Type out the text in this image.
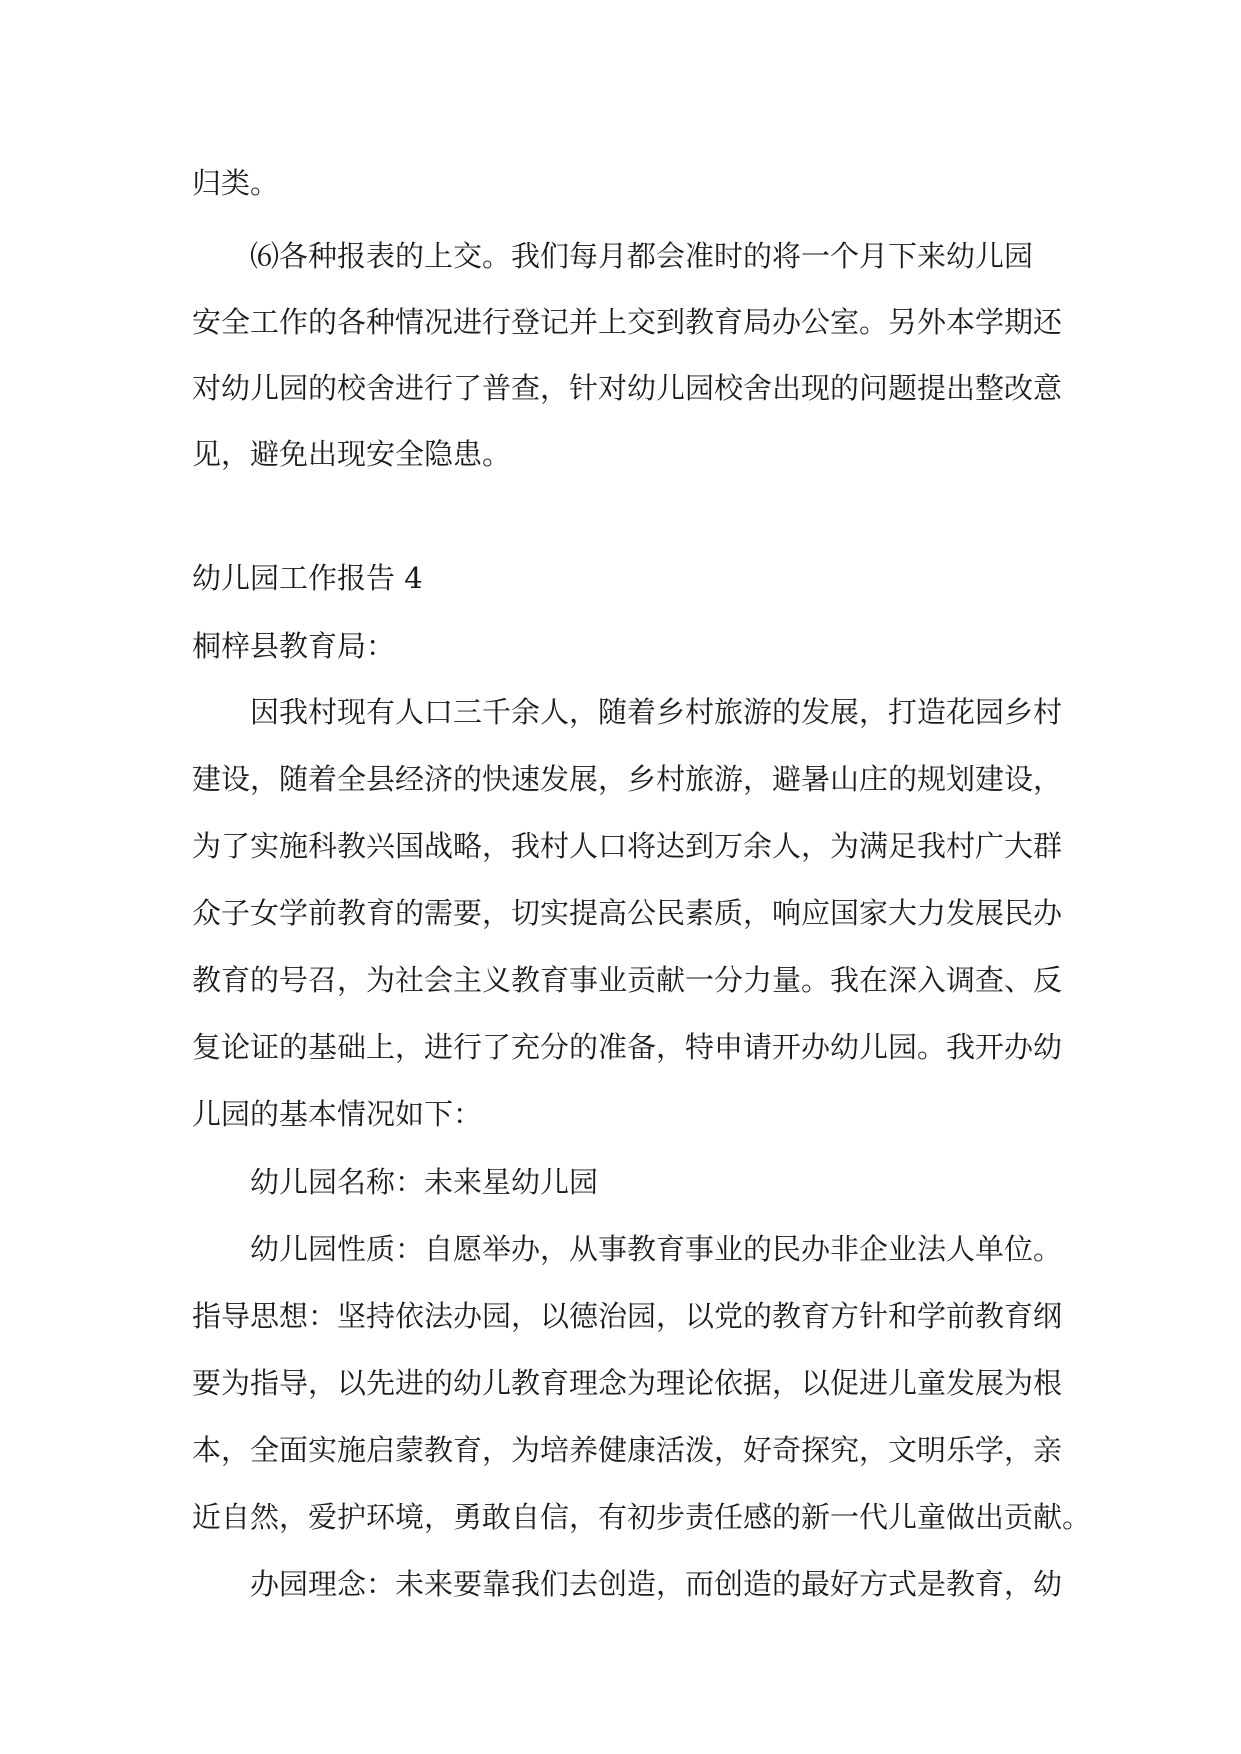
归类。
⑹各种报表的上交。我们每月都会准时的将一个月下来幼儿园
安全工作的各种情况进行登记并上交到教育局办公室。另外本学期还
对幼儿园的校舍进行了普查，针对幼儿园校舍出现的问题提出整改意
见，避免出现安全隐患。
幼儿园工作报告 4
桐梓县教育局：
因我村现有人口三千余人，随着乡村旅游的发展，打造花园乡村
建设，随着全县经济的快速发展，乡村旅游，避暑山庄的规划建设，
为了实施科教兴国战略，我村人口将达到万余人，为满足我村广大群
众子女学前教育的需要，切实提高公民素质，响应国家大力发展民办
教育的号召，为社会主义教育事业贡献一分力量。我在深入调查、反
复论证的基础上，进行了充分的准备，特申请开办幼儿园。我开办幼
儿园的基本情况如下：
幼儿园名称：未来星幼儿园
幼儿园性质：自愿举办，从事教育事业的民办非企业法人单位。
指导思想：坚持依法办园，以德治园，以党的教育方针和学前教育纲
要为指导，以先进的幼儿教育理念为理论依据，以促进儿童发展为根
本，全面实施启蒙教育，为培养健康活泼，好奇探究，文明乐学，亲
近自然，爱护环境，勇敢自信，有初步责任感的新一代儿童做出贡献。
办园理念：未来要靠我们去创造，而创造的最好方式是教育，幼
